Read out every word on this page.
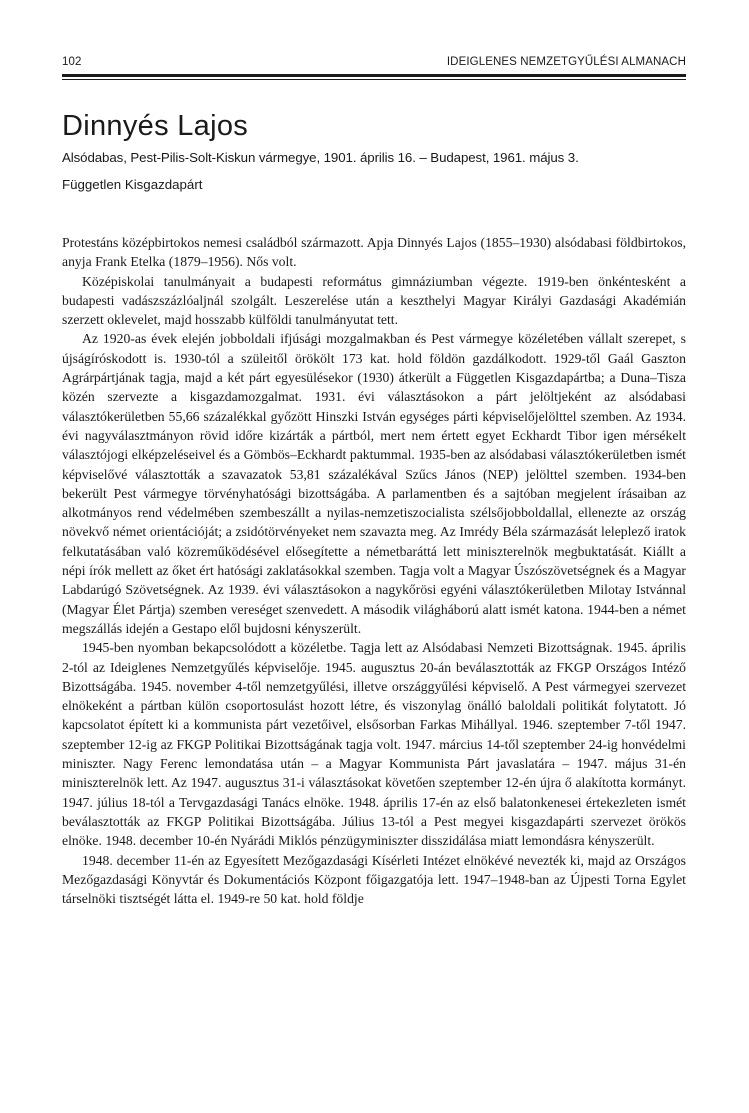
102	IDEIGLENES NEMZETGYŰLÉSI ALMANACH
Dinnyés Lajos
Alsódabas, Pest-Pilis-Solt-Kiskun vármegye, 1901. április 16. – Budapest, 1961. május 3.
Független Kisgazdapárt

Protestáns középbirtokos nemesi családból származott. Apja Dinnyés Lajos (1855–1930) alsódabasi földbirtokos, anyja Frank Etelka (1879–1956). Nős volt.

Középiskolai tanulmányait a budapesti református gimnáziumban végezte. 1919-ben önkéntesként a budapesti vadászszázlóaljnál szolgált. Leszerelése után a keszthelyi Magyar Királyi Gazdasági Akadémián szerzett oklevelet, majd hosszabb külföldi tanulmányutat tett.

Az 1920-as évek elején jobboldali ifjúsági mozgalmakban és Pest vármegye közéletében vállalt szerepet, s újságíróskodott is. 1930-tól a szüleitől örökölt 173 kat. hold földön gazdálkodott. 1929-től Gaál Gaszton Agrárpártjának tagja, majd a két párt egyesülésekor (1930) átkerült a Független Kisgazdapártba; a Duna–Tisza közén szervezte a kisgazdamozgalmat. 1931. évi választásokon a párt jelöltjeként az alsódabasi választókerületben 55,66 százalékkal győzött Hinszki István egységes párti képviselőjelölttel szemben. Az 1934. évi nagyválasztmányon rövid időre kizárták a pártból, mert nem értett egyet Eckhardt Tibor igen mérsékelt választójogi elképzeléseivel és a Gömbös–Eckhardt paktummal. 1935-ben az alsódabasi választókerületben ismét képviselővé választották a szavazatok 53,81 százalékával Szűcs János (NEP) jelölttel szemben. 1934-ben bekerült Pest vármegye törvényhatósági bizottságába. A parlamentben és a sajtóban megjelent írásaiban az alkotmányos rend védelmében szembeszállt a nyilas-nemzetiszocialista szélsőjobboldallal, ellenezte az ország növekvő német orientációját; a zsidótörvényeket nem szavazta meg. Az Imrédy Béla származását leleplező iratok felkutatásában való közreműködésével elősegítette a németbaráttá lett miniszterelnök megbuktatását. Kiállt a népi írók mellett az őket ért hatósági zaklatásokkal szemben. Tagja volt a Magyar Úszószövetségnek és a Magyar Labdarúgó Szövetségnek. Az 1939. évi választásokon a nagykőrösi egyéni választókerületben Milotay Istvánnal (Magyar Élet Pártja) szemben vereséget szenvedett. A második világháború alatt ismét katona. 1944-ben a német megszállás idején a Gestapo elől bujdosni kényszerült.

1945-ben nyomban bekapcsolódott a közéletbe. Tagja lett az Alsódabasi Nemzeti Bizottságnak. 1945. április 2-tól az Ideiglenes Nemzetgyűlés képviselője. 1945. augusztus 20-án beválasztották az FKGP Országos Intéző Bizottságába. 1945. november 4-től nemzetgyűlési, illetve országgyűlési képviselő. A Pest vármegyei szervezet elnökeként a pártban külön csoportosulást hozott létre, és viszonylag önálló baloldali politikát folytatott. Jó kapcsolatot épített ki a kommunista párt vezetőivel, elsősorban Farkas Mihállyal. 1946. szeptember 7-től 1947. szeptember 12-ig az FKGP Politikai Bizottságának tagja volt. 1947. március 14-től szeptember 24-ig honvédelmi miniszter. Nagy Ferenc lemondatása után – a Magyar Kommunista Párt javaslatára – 1947. május 31-én miniszterelnök lett. Az 1947. augusztus 31-i választásokat követően szeptember 12-én újra ő alakította kormányt. 1947. július 18-tól a Tervgazdasági Tanács elnöke. 1948. április 17-én az első balatonkenesei értekezleten ismét beválasztották az FKGP Politikai Bizottságába. Július 13-tól a Pest megyei kisgazdapárti szervezet örökös elnöke. 1948. december 10-én Nyárádi Miklós pénzügyminiszter disszidálása miatt lemondásra kényszerült.

1948. december 11-én az Egyesített Mezőgazdasági Kísérleti Intézet elnökévé nevezték ki, majd az Országos Mezőgazdasági Könyvtár és Dokumentációs Központ főigazgatója lett. 1947–1948-ban az Újpesti Torna Egylet társelnöki tisztségét látta el. 1949-re 50 kat. hold földje
